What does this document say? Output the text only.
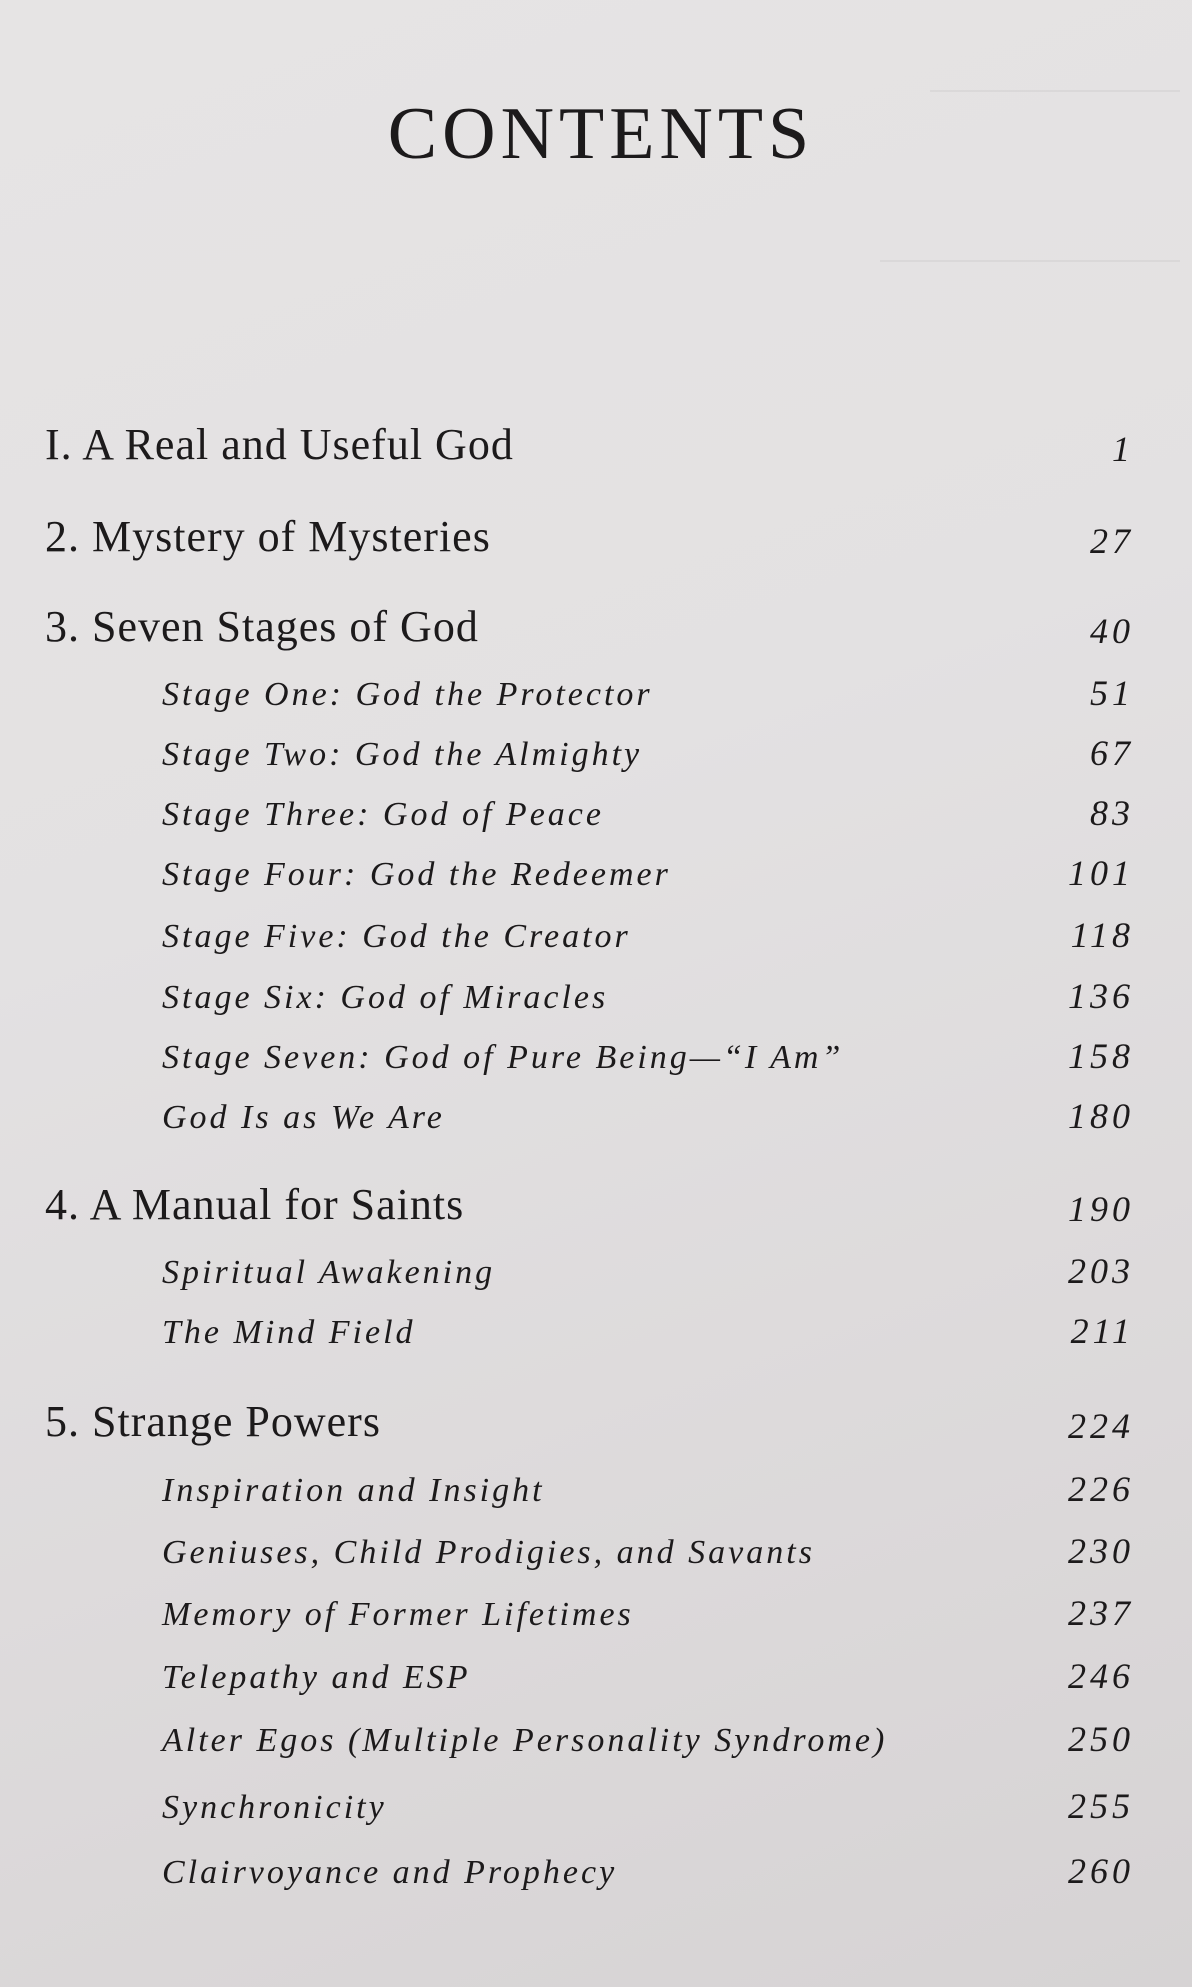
CONTENTS
I. A Real and Useful God	1
2. Mystery of Mysteries	27
3. Seven Stages of God	40
Stage One: God the Protector	51
Stage Two: God the Almighty	67
Stage Three: God of Peace	83
Stage Four: God the Redeemer	101
Stage Five: God the Creator	118
Stage Six: God of Miracles	136
Stage Seven: God of Pure Being—“I Am”	158
God Is as We Are	180
4. A Manual for Saints	190
Spiritual Awakening	203
The Mind Field	211
5. Strange Powers	224
Inspiration and Insight	226
Geniuses, Child Prodigies, and Savants	230
Memory of Former Lifetimes	237
Telepathy and ESP	246
Alter Egos (Multiple Personality Syndrome)	250
Synchronicity	255
Clairvoyance and Prophecy	260
